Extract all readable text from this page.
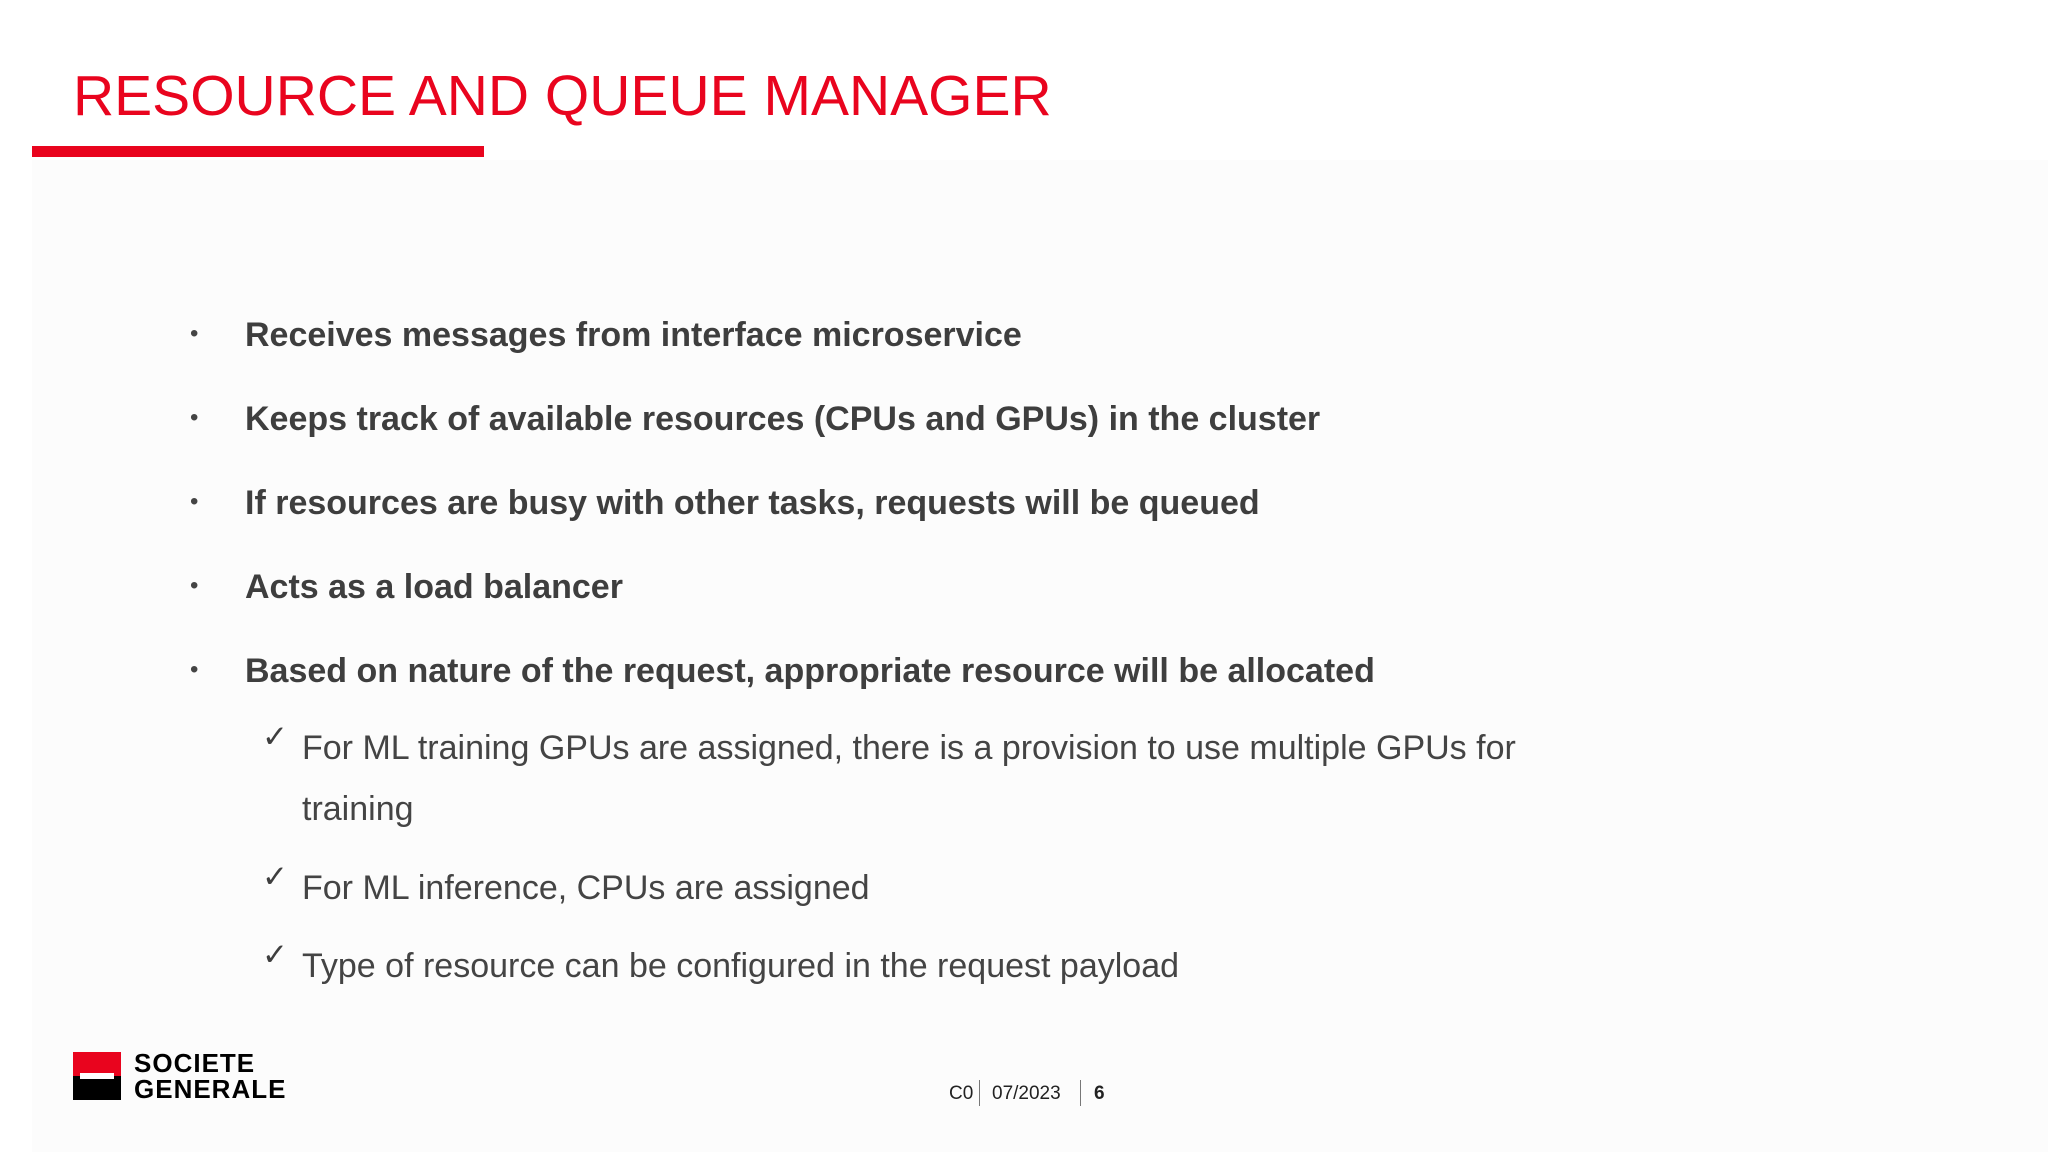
RESOURCE AND QUEUE MANAGER
• Receives messages from interface microservice
• Keeps track of available resources (CPUs and GPUs) in the cluster
• If resources are busy with other tasks, requests will be queued
• Acts as a load balancer
• Based on nature of the request, appropriate resource will be allocated
✓ For ML training GPUs are assigned, there is a provision to use multiple GPUs for
training
✓ For ML inference, CPUs are assigned
✓ Type of resource can be configured in the request payload
SOCIETE
GENERALE	C0 07/2023 6
